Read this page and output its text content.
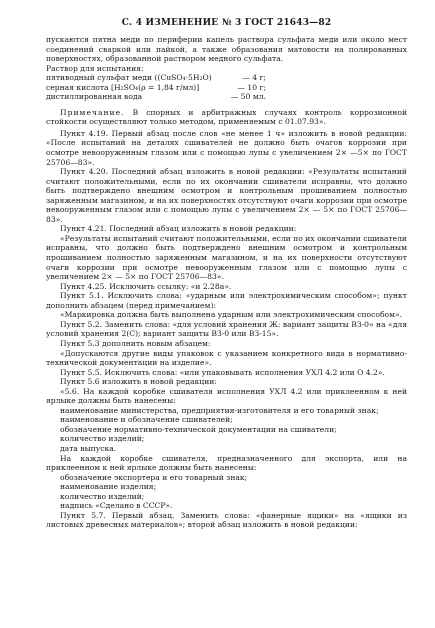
С. 4 ИЗМЕНЕНИЕ № 3 ГОСТ 21643—82

пускаются пятна меди по периферии капель раствора сульфата меди или около мест соединений сваркой или пайкой, а также образования матовости на полированных поверхностях, образованной раствором медного сульфата.

Раствор для испытания:

пятиводный сульфат меди ((CuSO₄·5H₂O)	— 4 г;
серная кислота [H₂SO₄(ρ = 1,84 г/мл)]	— 10 г;
дистиллированная вода	— 50 мл.

Примечание. В спорных и арбитражных случаях контроль коррозионной стойкости осуществляют только методом, применяемым с 01.07.93».

Пункт 4.19. Первый абзац после слов «не менее 1 ч» изложить в новой редакции: «После испытаний на деталях сшивателей не должно быть очагов коррозии при осмотре невооруженным глазом или с помощью лупы с увеличением 2× —5× по ГОСТ 25706—83».

Пункт 4.20. Последний абзац изложить в новой редакции: «Результаты испытаний считают положительными, если по их окончании сшиватели исправны, что должно быть подтверждено внешним осмотром и контрольным прошиванием полностью заряженным магазином, и на их поверхностях отсутствуют очаги коррозии при осмотре невооруженным глазом или с помощью лупы с увеличением 2× — 5× по ГОСТ 25706—83».

Пункт 4.21. Последний абзац изложить в новой редакции:

«Результаты испытаний считают положительными, если по их окончании сшиватели исправны, что должно быть подтверждено внешним осмотром и контрольным прошиванием полностью заряженным магазином, и на их поверхности отсутствуют очаги коррозии при осмотре невооруженным глазом или с помощью лупы с увеличением 2× — 5× по ГОСТ 25706—83».

Пункт 4.25. Исключить ссылку: «и 2.28а».

Пункт 5.1. Исключить слова: «ударным или электрохимическим способом»; пункт дополнить абзацем (перед примечанием):

«Маркировка должна быть выполнена ударным или электрохимическим способом».

Пункт 5.2. Заменить слова: «для условий хранения Ж: вариант защиты ВЗ-0» на «для условий хранения 2(С); вариант защиты ВЗ-0 или ВЗ-15».

Пункт 5.3 дополнить новым абзацем:

«Допускаются другие виды упаковок с указанием конкретного вида в нормативно-технической документации на изделие».

Пункт 5.5. Исключить слова: «или упаковывать исполнения УХЛ 4.2 или О 4.2».

Пункт 5.6 изложить в новой редакции:

«5.6. На каждой коробке сшивателя исполнения УХЛ 4.2 или приклеенном к ней ярлыке должны быть нанесены:

наименование министерства, предприятия-изготовителя и его товарный знак;

наименование и обозначение сшивателей;

обозначение нормативно-технической документации на сшиватели;

количество изделий;

дата выпуска.

На каждой коробке сшивателя, предназначенного для экспорта, или на приклеенном к ней ярлыке должны быть нанесены:

обозначение экспортера и его товарный знак;

наименование изделия;

количество изделий;

надпись «Сделано в СССР».

Пункт 5.7. Первый абзац. Заменить слова: «фанерные ящики» на «ящики из листовых древесных материалов»; второй абзац изложить в новой редакции:
